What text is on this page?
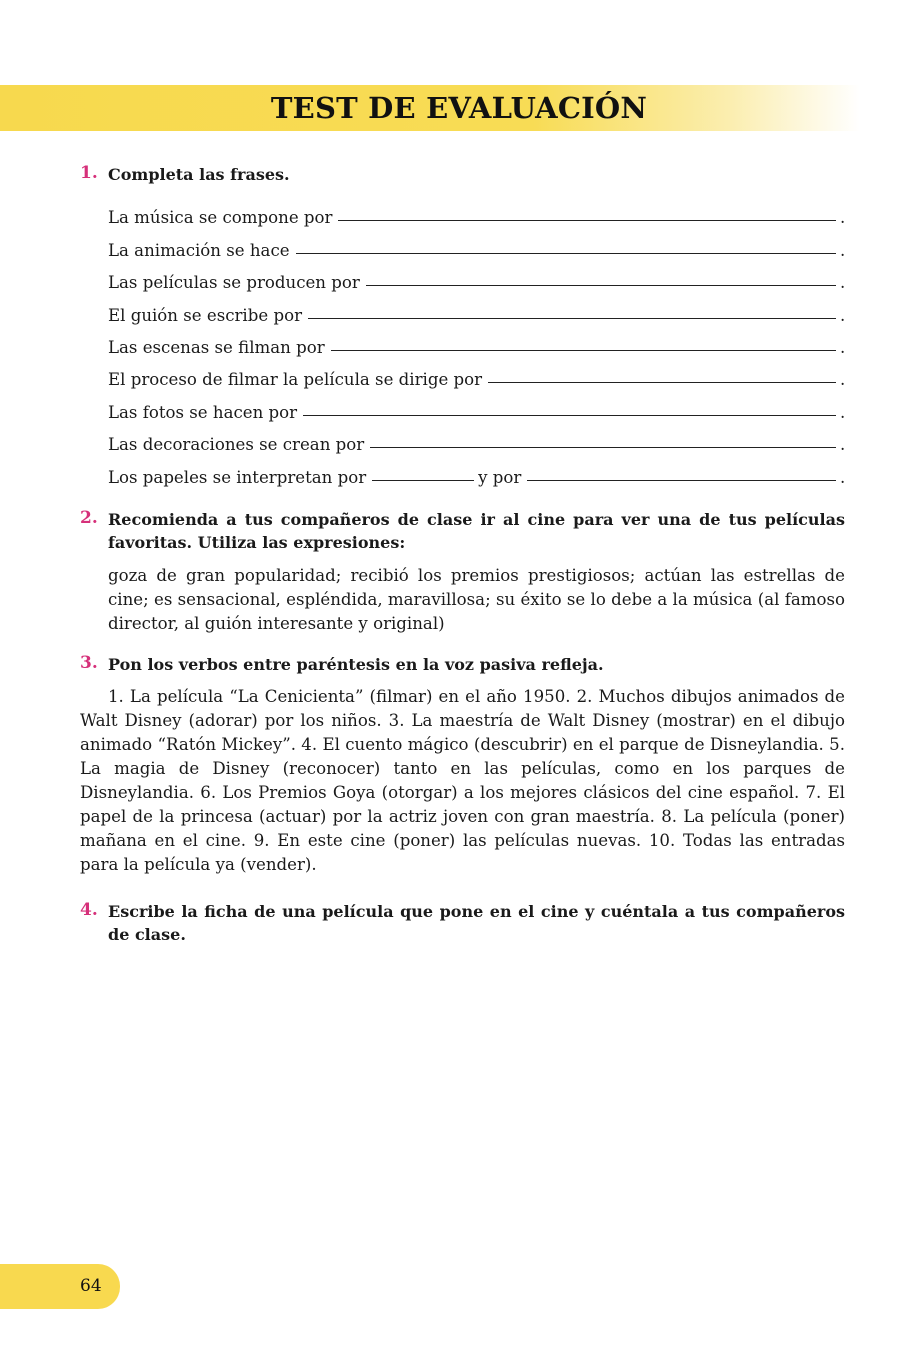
TEST DE EVALUACIÓN
1. Completa las frases.
La música se compone por	.
La animación se hace	.
Las películas se producen por	.
El guión se escribe por	.
Las escenas se filman por	.
El proceso de filmar la película se dirige por	.
Las fotos se hacen por	.
Las decoraciones se crean por	.
Los papeles se interpretan por	y por	.
2. Recomienda a tus compañeros de clase ir al cine para ver una de tus películas favoritas. Utiliza las expresiones:
goza de gran popularidad; recibió los premios prestigiosos; actúan las estrellas de cine; es sensacional, espléndida, maravillosa; su éxito se lo debe a la música (al famoso director, al guión interesante y original)
3. Pon los verbos entre paréntesis en la voz pasiva refleja.
1. La película “La Cenicienta” (filmar) en el año 1950. 2. Muchos dibujos animados de Walt Disney (adorar) por los niños. 3. La maestría de Walt Disney (mostrar) en el dibujo animado “Ratón Mickey”. 4. El cuento mágico (descubrir) en el parque de Disneylandia. 5. La magia de Disney (reconocer) tanto en las películas, como en los parques de Disneylandia. 6. Los Premios Goya (otorgar) a los mejores clásicos del cine español. 7. El papel de la princesa (actuar) por la actriz joven con gran maestría. 8. La película (poner) mañana en el cine. 9. En este cine (poner) las películas nuevas. 10. Todas las entradas para la película ya (vender).
4. Escribe la ficha de una película que pone en el cine y cuéntala a tus compañeros de clase.
64
